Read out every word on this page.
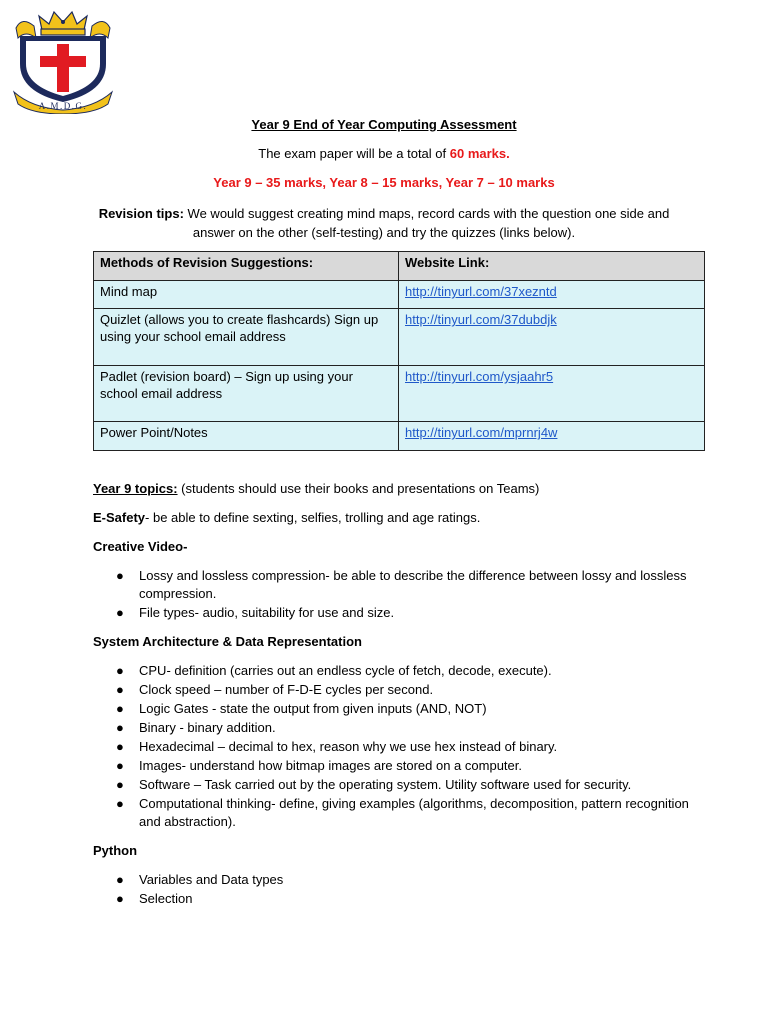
A.M.D.G.
Year 9 End of Year Computing Assessment
The exam paper will be a total of 60 marks.
Year 9 – 35 marks, Year 8 – 15 marks, Year 7 – 10 marks
Revision tips: We would suggest creating mind maps, record cards with the question one side and answer on the other (self-testing) and try the quizzes (links below).
Methods of Revision Suggestions:	Website Link:
Mind map	http://tinyurl.com/37xezntd
Quizlet (allows you to create flashcards) Sign up using your school email address	http://tinyurl.com/37dubdjk
Padlet (revision board) – Sign up using your school email address	http://tinyurl.com/ysjaahr5
Power Point/Notes	http://tinyurl.com/mprnrj4w

Year 9 topics: (students should use their books and presentations on Teams)

E-Safety- be able to define sexting, selfies, trolling and age ratings.

Creative Video-

● Lossy and lossless compression- be able to describe the difference between lossy and lossless compression.
● File types- audio, suitability for use and size.

System Architecture & Data Representation

● CPU- definition (carries out an endless cycle of fetch, decode, execute).
● Clock speed – number of F-D-E cycles per second.
● Logic Gates - state the output from given inputs (AND, NOT)
● Binary - binary addition.
● Hexadecimal – decimal to hex, reason why we use hex instead of binary.
● Images- understand how bitmap images are stored on a computer.
● Software – Task carried out by the operating system. Utility software used for security.
● Computational thinking- define, giving examples (algorithms, decomposition, pattern recognition and abstraction).

Python

● Variables and Data types
● Selection
